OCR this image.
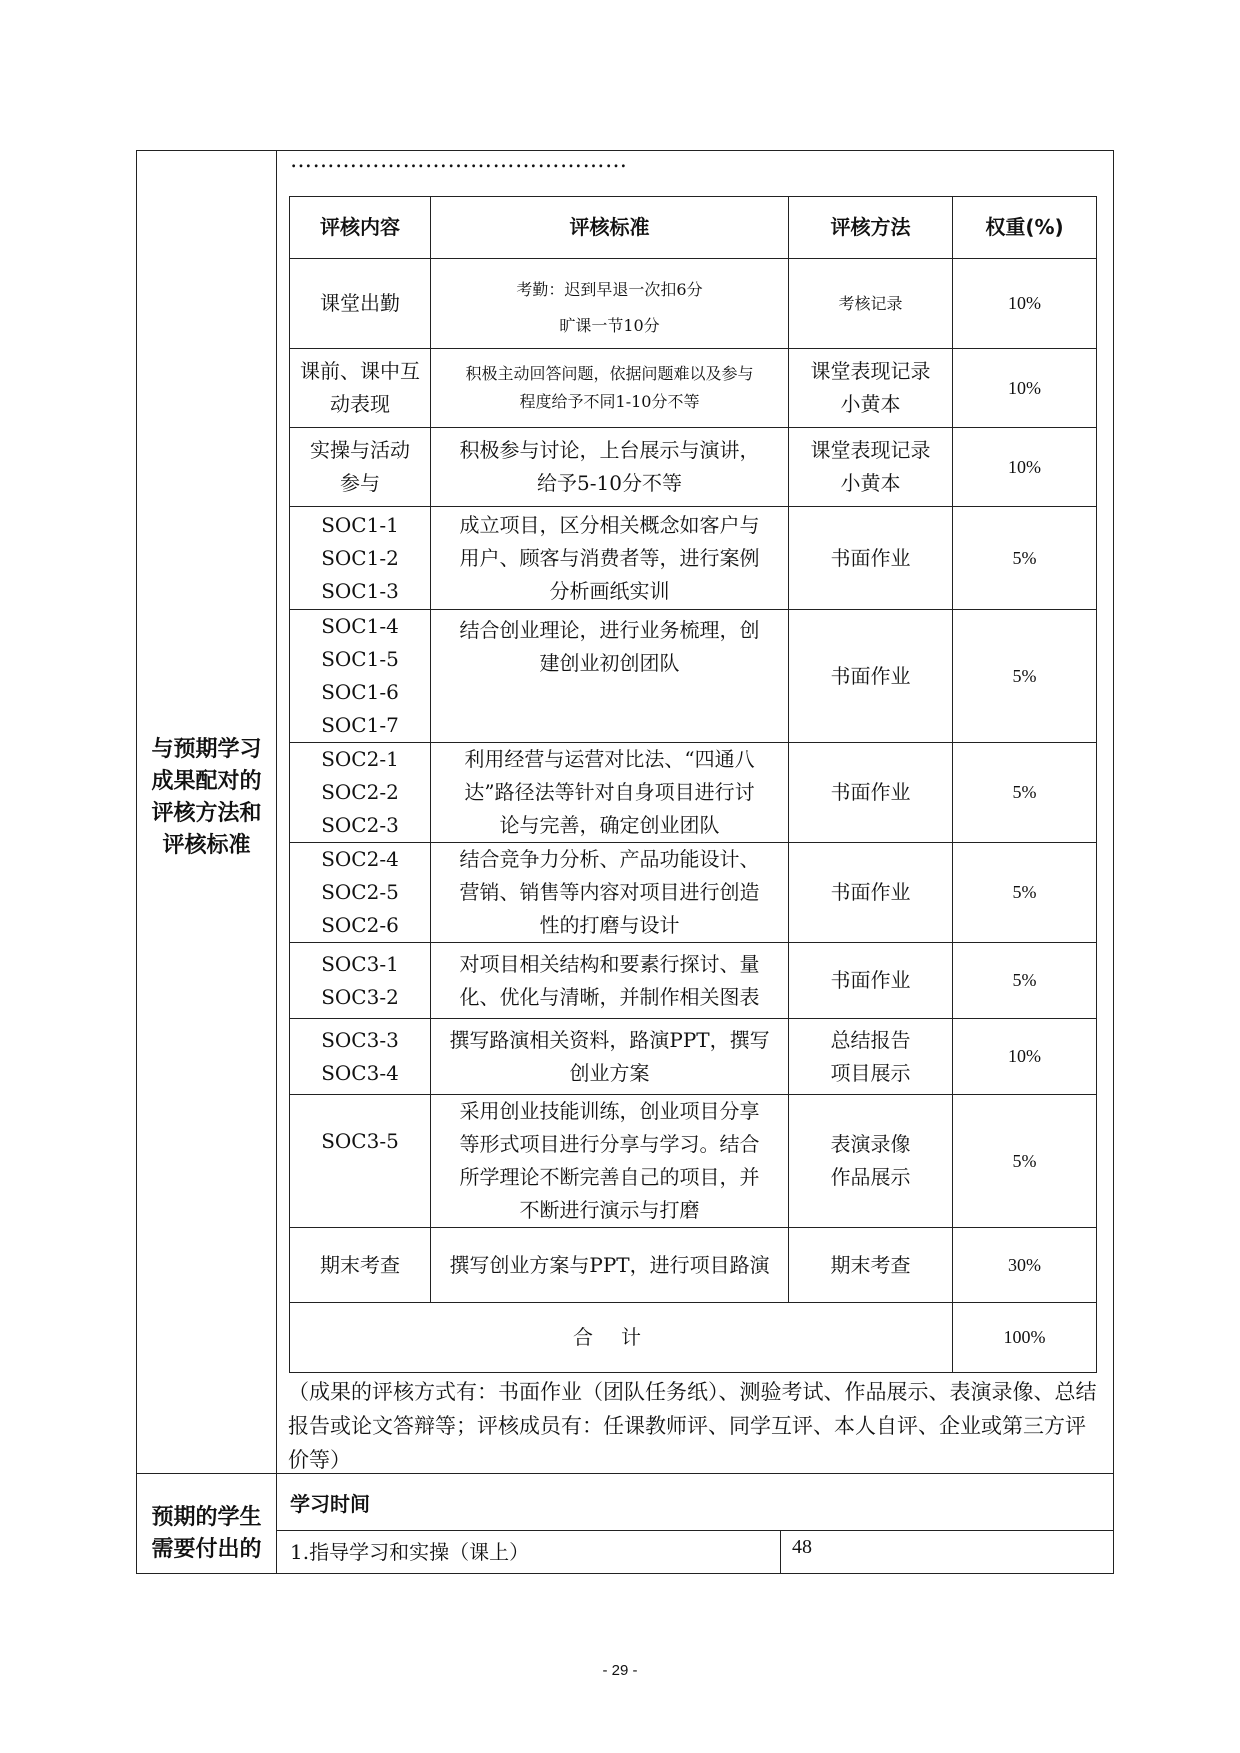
与预期学习
成果配对的
评核方法和
评核标准
………………………………………
评核内容	评核标准	评核方法	权重(%)

课堂出勤	考勤：迟到早退一次扣6分
旷课一节10分	考核记录	10%

课前、课中互
动表现	积极主动回答问题，依据问题难以及参与
程度给予不同1-10分不等	课堂表现记录
小黄本	10%

实操与活动
参与	积极参与讨论，上台展示与演讲，
给予5-10分不等	课堂表现记录
小黄本	10%

SOC1-1
SOC1-2
SOC1-3	成立项目，区分相关概念如客户与
用户、顾客与消费者等，进行案例
分析画纸实训	书面作业	5%

SOC1-4
SOC1-5
SOC1-6
SOC1-7	结合创业理论，进行业务梳理，创
建创业初创团队	书面作业	5%

SOC2-1
SOC2-2
SOC2-3	利用经营与运营对比法、“四通八
达”路径法等针对自身项目进行讨
论与完善，确定创业团队	书面作业	5%

SOC2-4
SOC2-5
SOC2-6	结合竞争力分析、产品功能设计、
营销、销售等内容对项目进行创造
性的打磨与设计	书面作业	5%

SOC3-1
SOC3-2	对项目相关结构和要素行探讨、量
化、优化与清晰，并制作相关图表	书面作业	5%

SOC3-3
SOC3-4	撰写路演相关资料，路演PPT，撰写
创业方案	总结报告
项目展示	10%

SOC3-5	采用创业技能训练，创业项目分享
等形式项目进行分享与学习。结合
所学理论不断完善自己的项目，并
不断进行演示与打磨	表演录像
作品展示	5%

期末考查	撰写创业方案与PPT，进行项目路演	期末考查	30%
合计			100%
（成果的评核方式有：书面作业（团队任务纸）、测验考试、作品展示、表演录像、总结报告或论文答辩等；评核成员有：任课教师评、同学互评、本人自评、企业或第三方评价等）
预期的学生
需要付出的
学习时间
1.指导学习和实操（课上）	48
- 29 -
